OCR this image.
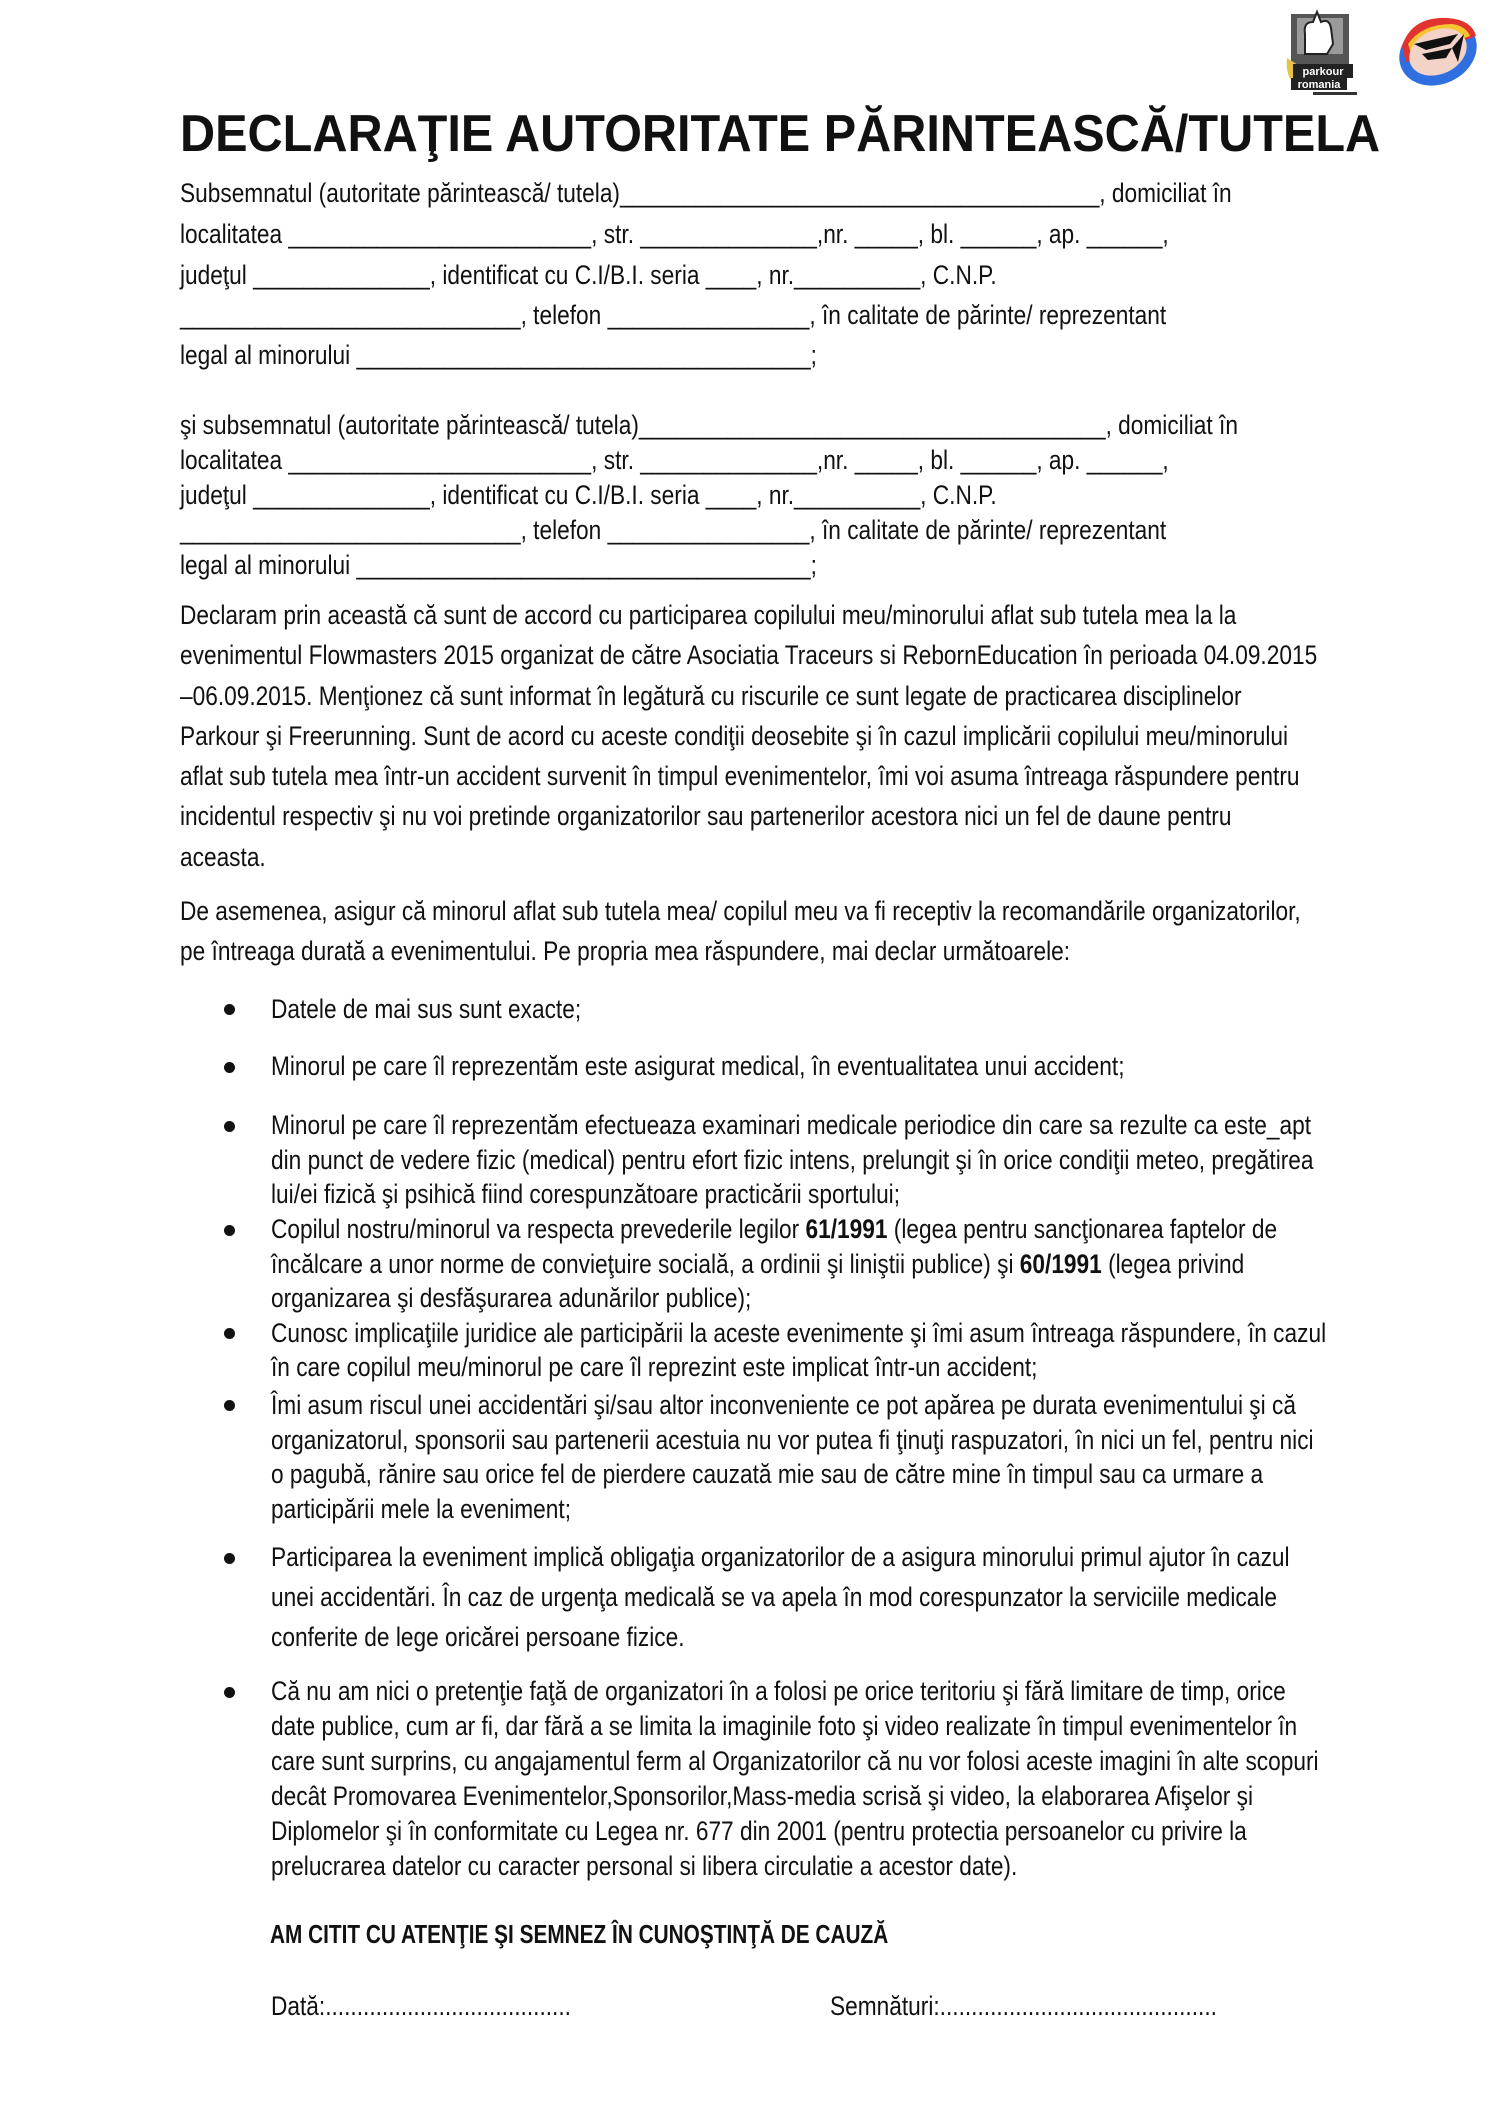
parkour
romania
DECLARAŢIE AUTORITATE PĂRINTEASCĂ/TUTELA
Subsemnatul (autoritate părintească/ tutela)______________________________________, domiciliat în
localitatea ________________________, str. ______________,nr. _____, bl. ______, ap. ______,
judeţul ______________, identificat cu C.I/B.I. seria ____, nr.__________, C.N.P.
___________________________, telefon ________________, în calitate de părinte/ reprezentant
legal al minorului ____________________________________;
şi subsemnatul (autoritate părintească/ tutela)_____________________________________, domiciliat în
localitatea ________________________, str. ______________,nr. _____, bl. ______, ap. ______,
judeţul ______________, identificat cu C.I/B.I. seria ____, nr.__________, C.N.P.
___________________________, telefon ________________, în calitate de părinte/ reprezentant
legal al minorului ____________________________________;
Declaram prin această că sunt de accord cu participarea copilului meu/minorului aflat sub tutela mea la la
evenimentul Flowmasters 2015 organizat de către Asociatia Traceurs si RebornEducation în perioada 04.09.2015
–06.09.2015. Menţionez că sunt informat în legătură cu riscurile ce sunt legate de practicarea disciplinelor
Parkour şi Freerunning. Sunt de acord cu aceste condiţii deosebite şi în cazul implicării copilului meu/minorului
aflat sub tutela mea într-un accident survenit în timpul evenimentelor, îmi voi asuma întreaga răspundere pentru
incidentul respectiv şi nu voi pretinde organizatorilor sau partenerilor acestora nici un fel de daune pentru
aceasta.
De asemenea, asigur că minorul aflat sub tutela mea/ copilul meu va fi receptiv la recomandările organizatorilor,
pe întreaga durată a evenimentului. Pe propria mea răspundere, mai declar următoarele:
Datele de mai sus sunt exacte;
Minorul pe care îl reprezentăm este asigurat medical, în eventualitatea unui accident;
Minorul pe care îl reprezentăm efectueaza examinari medicale periodice din care sa rezulte ca este_apt
din punct de vedere fizic (medical) pentru efort fizic intens, prelungit şi în orice condiţii meteo, pregătirea
lui/ei fizică şi psihică fiind corespunzătoare practicării sportului;
Copilul nostru/minorul va respecta prevederile legilor 61/1991 (legea pentru sancţionarea faptelor de
încălcare a unor norme de convieţuire socială, a ordinii şi liniştii publice) şi 60/1991 (legea privind
organizarea şi desfăşurarea adunărilor publice);
Cunosc implicaţiile juridice ale participării la aceste evenimente şi îmi asum întreaga răspundere, în cazul
în care copilul meu/minorul pe care îl reprezint este implicat într-un accident;
Îmi asum riscul unei accidentări şi/sau altor inconveniente ce pot apărea pe durata evenimentului şi că
organizatorul, sponsorii sau partenerii acestuia nu vor putea fi ţinuţi raspuzatori, în nici un fel, pentru nici
o pagubă, rănire sau orice fel de pierdere cauzată mie sau de către mine în timpul sau ca urmare a
participării mele la eveniment;
Participarea la eveniment implică obligaţia organizatorilor de a asigura minorului primul ajutor în cazul
unei accidentări. În caz de urgenţa medicală se va apela în mod corespunzator la serviciile medicale
conferite de lege oricărei persoane fizice.
Că nu am nici o pretenţie faţă de organizatori în a folosi pe orice teritoriu şi fără limitare de timp, orice
date publice, cum ar fi, dar fără a se limita la imaginile foto şi video realizate în timpul evenimentelor în
care sunt surprins, cu angajamentul ferm al Organizatorilor că nu vor folosi aceste imagini în alte scopuri
decât Promovarea Evenimentelor,Sponsorilor,Mass-media scrisă şi video, la elaborarea Afişelor şi
Diplomelor şi în conformitate cu Legea nr. 677 din 2001 (pentru protectia persoanelor cu privire la
prelucrarea datelor cu caracter personal si libera circulatie a acestor date).
AM CITIT CU ATENŢIE ŞI SEMNEZ ÎN CUNOŞTINŢĂ DE CAUZĂ
Dată:.......................................	Semnături:............................................
